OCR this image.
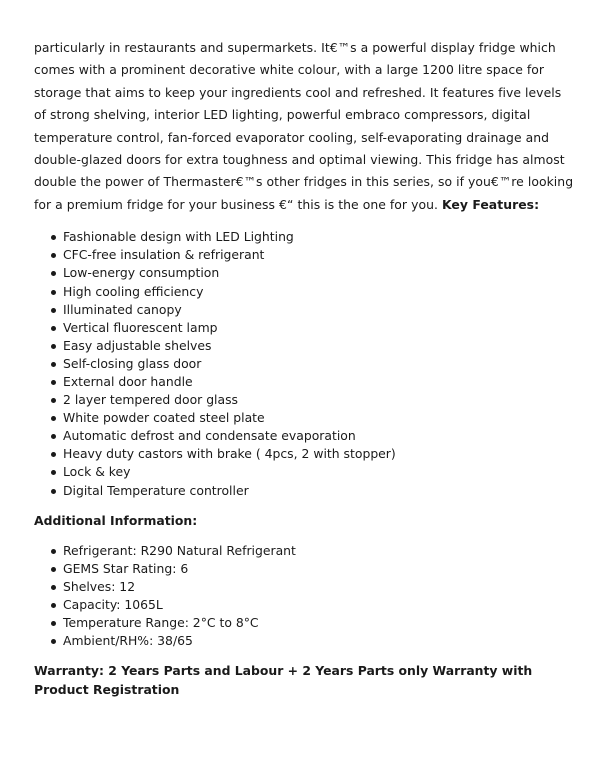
particularly in restaurants and supermarkets. It€™s a powerful display fridge which comes with a prominent decorative white colour, with a large 1200 litre space for storage that aims to keep your ingredients cool and refreshed. It features five levels of strong shelving, interior LED lighting, powerful embraco compressors, digital temperature control, fan-forced evaporator cooling, self-evaporating drainage and double-glazed doors for extra toughness and optimal viewing. This fridge has almost double the power of Thermaster€™s other fridges in this series, so if you€™re looking for a premium fridge for your business €“ this is the one for you. Key Features:

Fashionable design with LED Lighting
CFC-free insulation & refrigerant
Low-energy consumption
High cooling efficiency
Illuminated canopy
Vertical fluorescent lamp
Easy adjustable shelves
Self-closing glass door
External door handle
2 layer tempered door glass
White powder coated steel plate
Automatic defrost and condensate evaporation
Heavy duty castors with brake ( 4pcs, 2 with stopper)
Lock & key
Digital Temperature controller

Additional Information:

Refrigerant: R290 Natural Refrigerant
GEMS Star Rating: 6
Shelves: 12
Capacity: 1065L
Temperature Range: 2°C to 8°C
Ambient/RH%: 38/65

Warranty: 2 Years Parts and Labour + 2 Years Parts only Warranty with Product Registration
